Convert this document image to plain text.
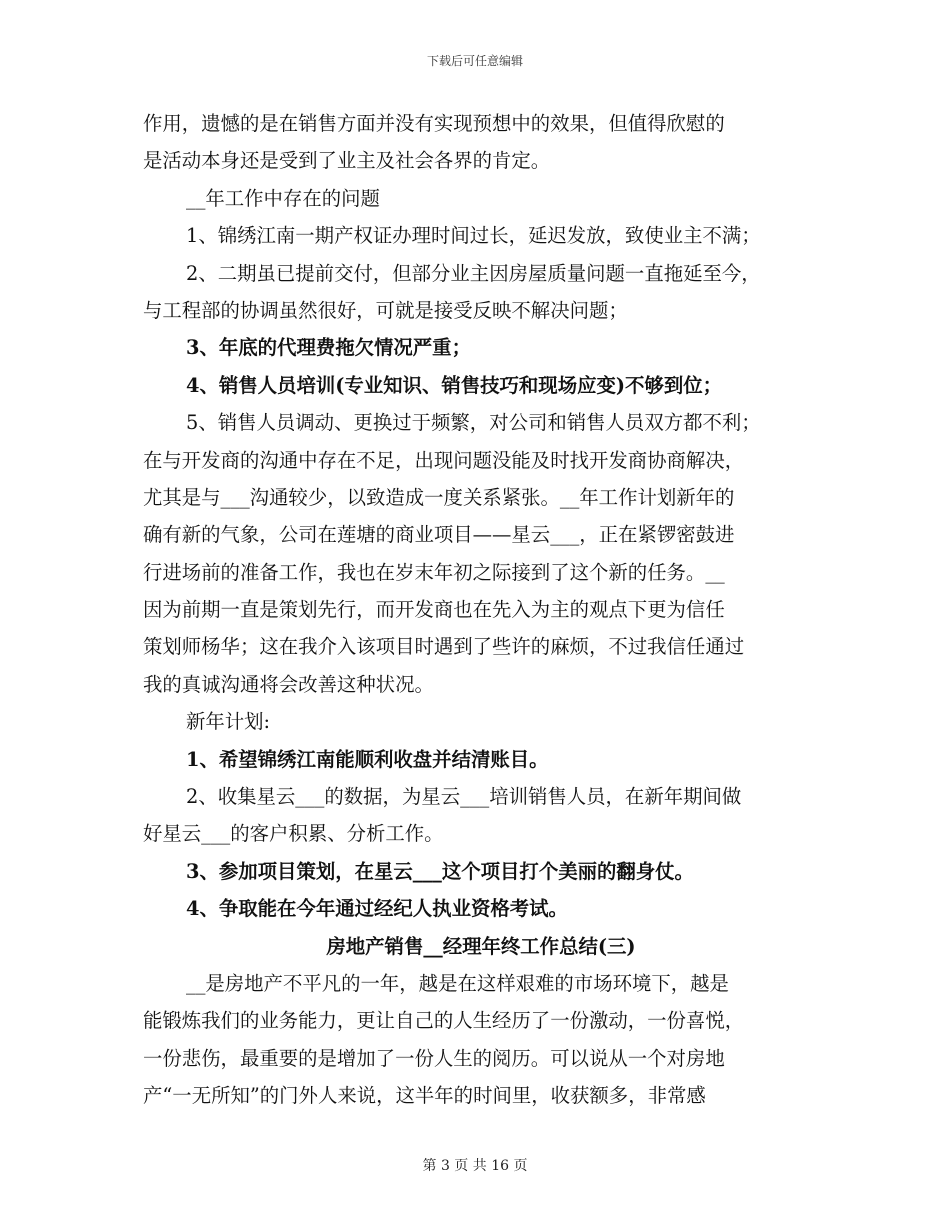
下载后可任意编辑
作用，遗憾的是在销售方面并没有实现预想中的效果，但值得欣慰的
是活动本身还是受到了业主及社会各界的肯定。
__年工作中存在的问题
1、锦绣江南一期产权证办理时间过长，延迟发放，致使业主不满；
2、二期虽已提前交付，但部分业主因房屋质量问题一直拖延至今，
与工程部的协调虽然很好，可就是接受反映不解决问题；
3、年底的代理费拖欠情况严重；
4、销售人员培训(专业知识、销售技巧和现场应变)不够到位；
5、销售人员调动、更换过于频繁，对公司和销售人员双方都不利；
在与开发商的沟通中存在不足，出现问题没能及时找开发商协商解决，
尤其是与___沟通较少，以致造成一度关系紧张。__年工作计划新年的
确有新的气象，公司在莲塘的商业项目——星云___，正在紧锣密鼓进
行进场前的准备工作，我也在岁末年初之际接到了这个新的任务。__
因为前期一直是策划先行，而开发商也在先入为主的观点下更为信任
策划师杨华；这在我介入该项目时遇到了些许的麻烦，不过我信任通过
我的真诚沟通将会改善这种状况。
新年计划:
1、希望锦绣江南能顺利收盘并结清账目。
2、收集星云___的数据，为星云___培训销售人员，在新年期间做
好星云___的客户积累、分析工作。
3、参加项目策划，在星云___这个项目打个美丽的翻身仗。
4、争取能在今年通过经纪人执业资格考试。
房地产销售__经理年终工作总结(三)
__是房地产不平凡的一年，越是在这样艰难的市场环境下，越是
能锻炼我们的业务能力，更让自己的人生经历了一份激动，一份喜悦，
一份悲伤，最重要的是增加了一份人生的阅历。可以说从一个对房地
产“一无所知”的门外人来说，这半年的时间里，收获额多，非常感
第 3 页 共 16 页
